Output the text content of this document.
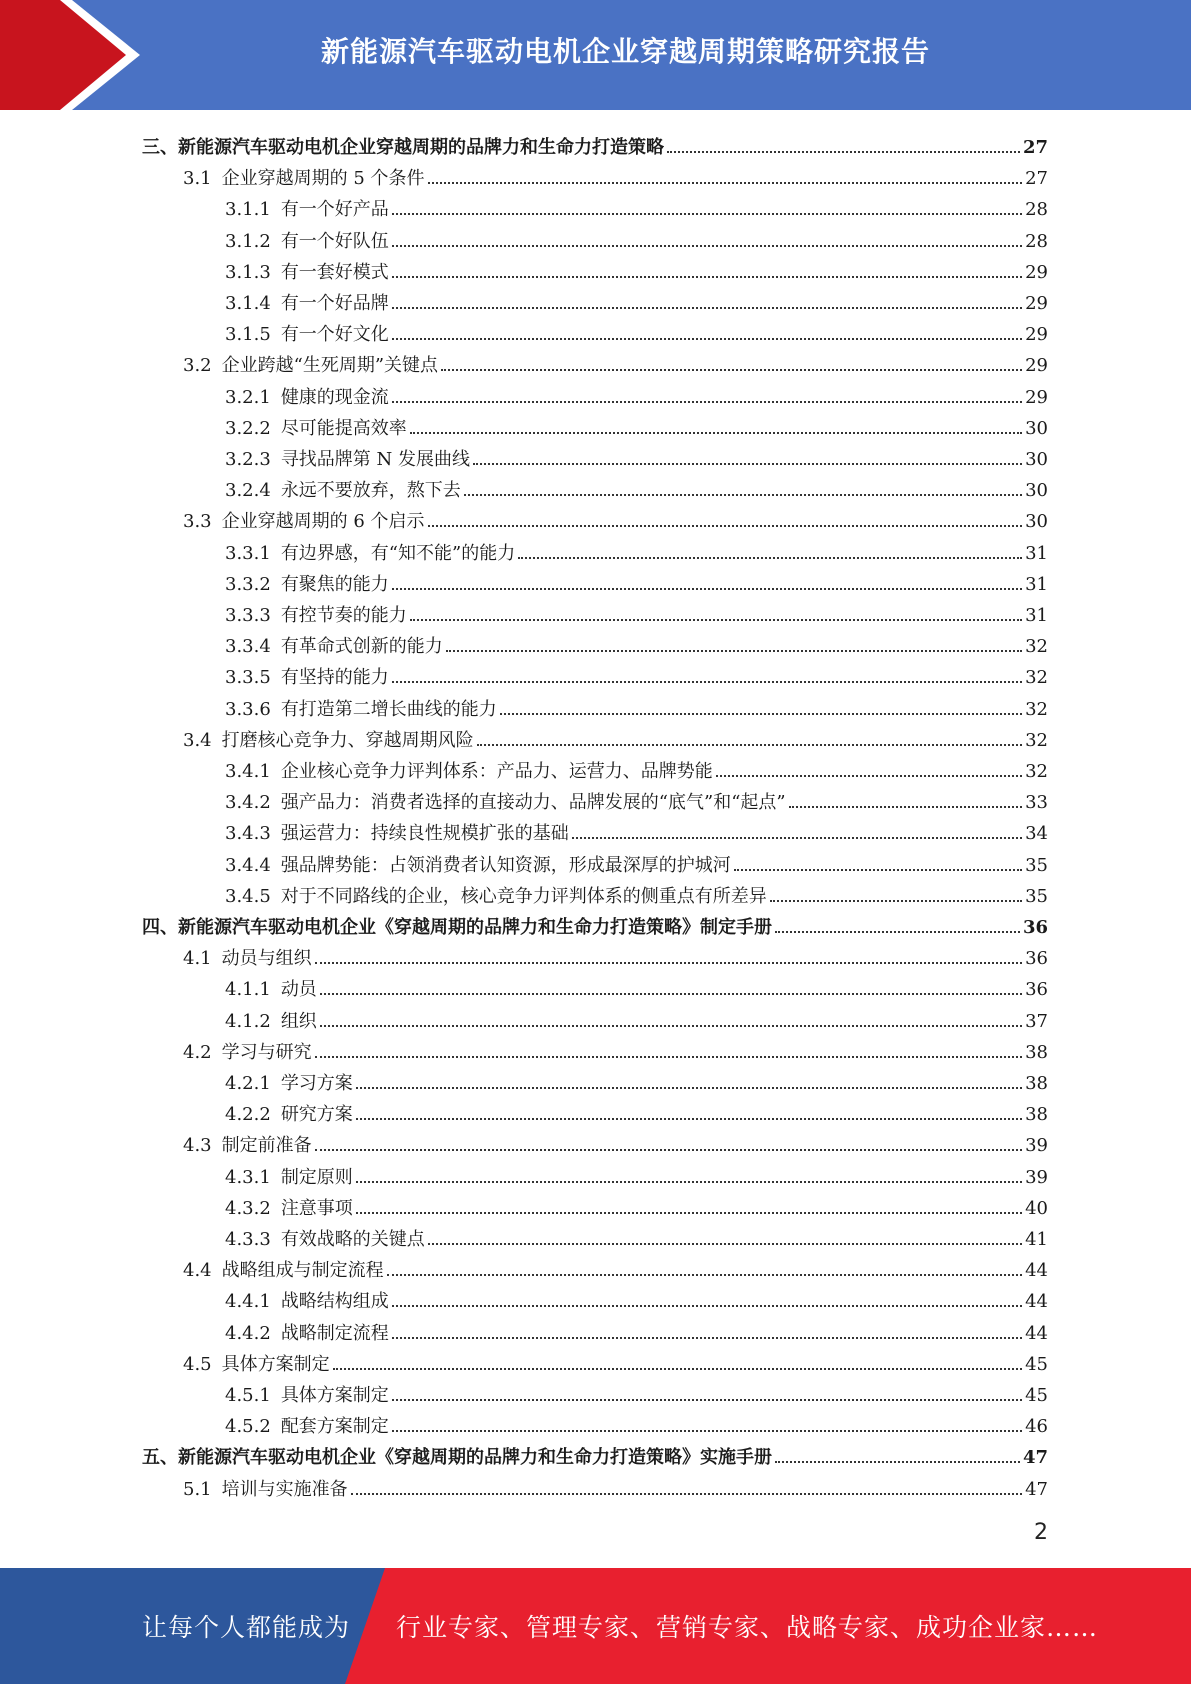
新能源汽车驱动电机企业穿越周期策略研究报告
三、新能源汽车驱动电机企业穿越周期的品牌力和生命力打造策略	27
3.1 企业穿越周期的 5 个条件	27
3.1.1 有一个好产品	28
3.1.2 有一个好队伍	28
3.1.3 有一套好模式	29
3.1.4 有一个好品牌	29
3.1.5 有一个好文化	29
3.2 企业跨越“生死周期”关键点	29
3.2.1 健康的现金流	29
3.2.2 尽可能提高效率	30
3.2.3 寻找品牌第 N 发展曲线	30
3.2.4 永远不要放弃，熬下去	30
3.3 企业穿越周期的 6 个启示	30
3.3.1 有边界感，有“知不能”的能力	31
3.3.2 有聚焦的能力	31
3.3.3 有控节奏的能力	31
3.3.4 有革命式创新的能力	32
3.3.5 有坚持的能力	32
3.3.6 有打造第二增长曲线的能力	32
3.4 打磨核心竞争力、穿越周期风险	32
3.4.1 企业核心竞争力评判体系：产品力、运营力、品牌势能	32
3.4.2 强产品力：消费者选择的直接动力、品牌发展的“底气”和“起点”	33
3.4.3 强运营力：持续良性规模扩张的基础	34
3.4.4 强品牌势能：占领消费者认知资源，形成最深厚的护城河	35
3.4.5 对于不同路线的企业，核心竞争力评判体系的侧重点有所差异	35
四、新能源汽车驱动电机企业《穿越周期的品牌力和生命力打造策略》制定手册	36
4.1 动员与组织	36
4.1.1 动员	36
4.1.2 组织	37
4.2 学习与研究	38
4.2.1 学习方案	38
4.2.2 研究方案	38
4.3 制定前准备	39
4.3.1 制定原则	39
4.3.2 注意事项	40
4.3.3 有效战略的关键点	41
4.4 战略组成与制定流程	44
4.4.1 战略结构组成	44
4.4.2 战略制定流程	44
4.5 具体方案制定	45
4.5.1 具体方案制定	45
4.5.2 配套方案制定	46
五、新能源汽车驱动电机企业《穿越周期的品牌力和生命力打造策略》实施手册	47
5.1 培训与实施准备	47
2
让每个人都能成为 行业专家、管理专家、营销专家、战略专家、成功企业家……
